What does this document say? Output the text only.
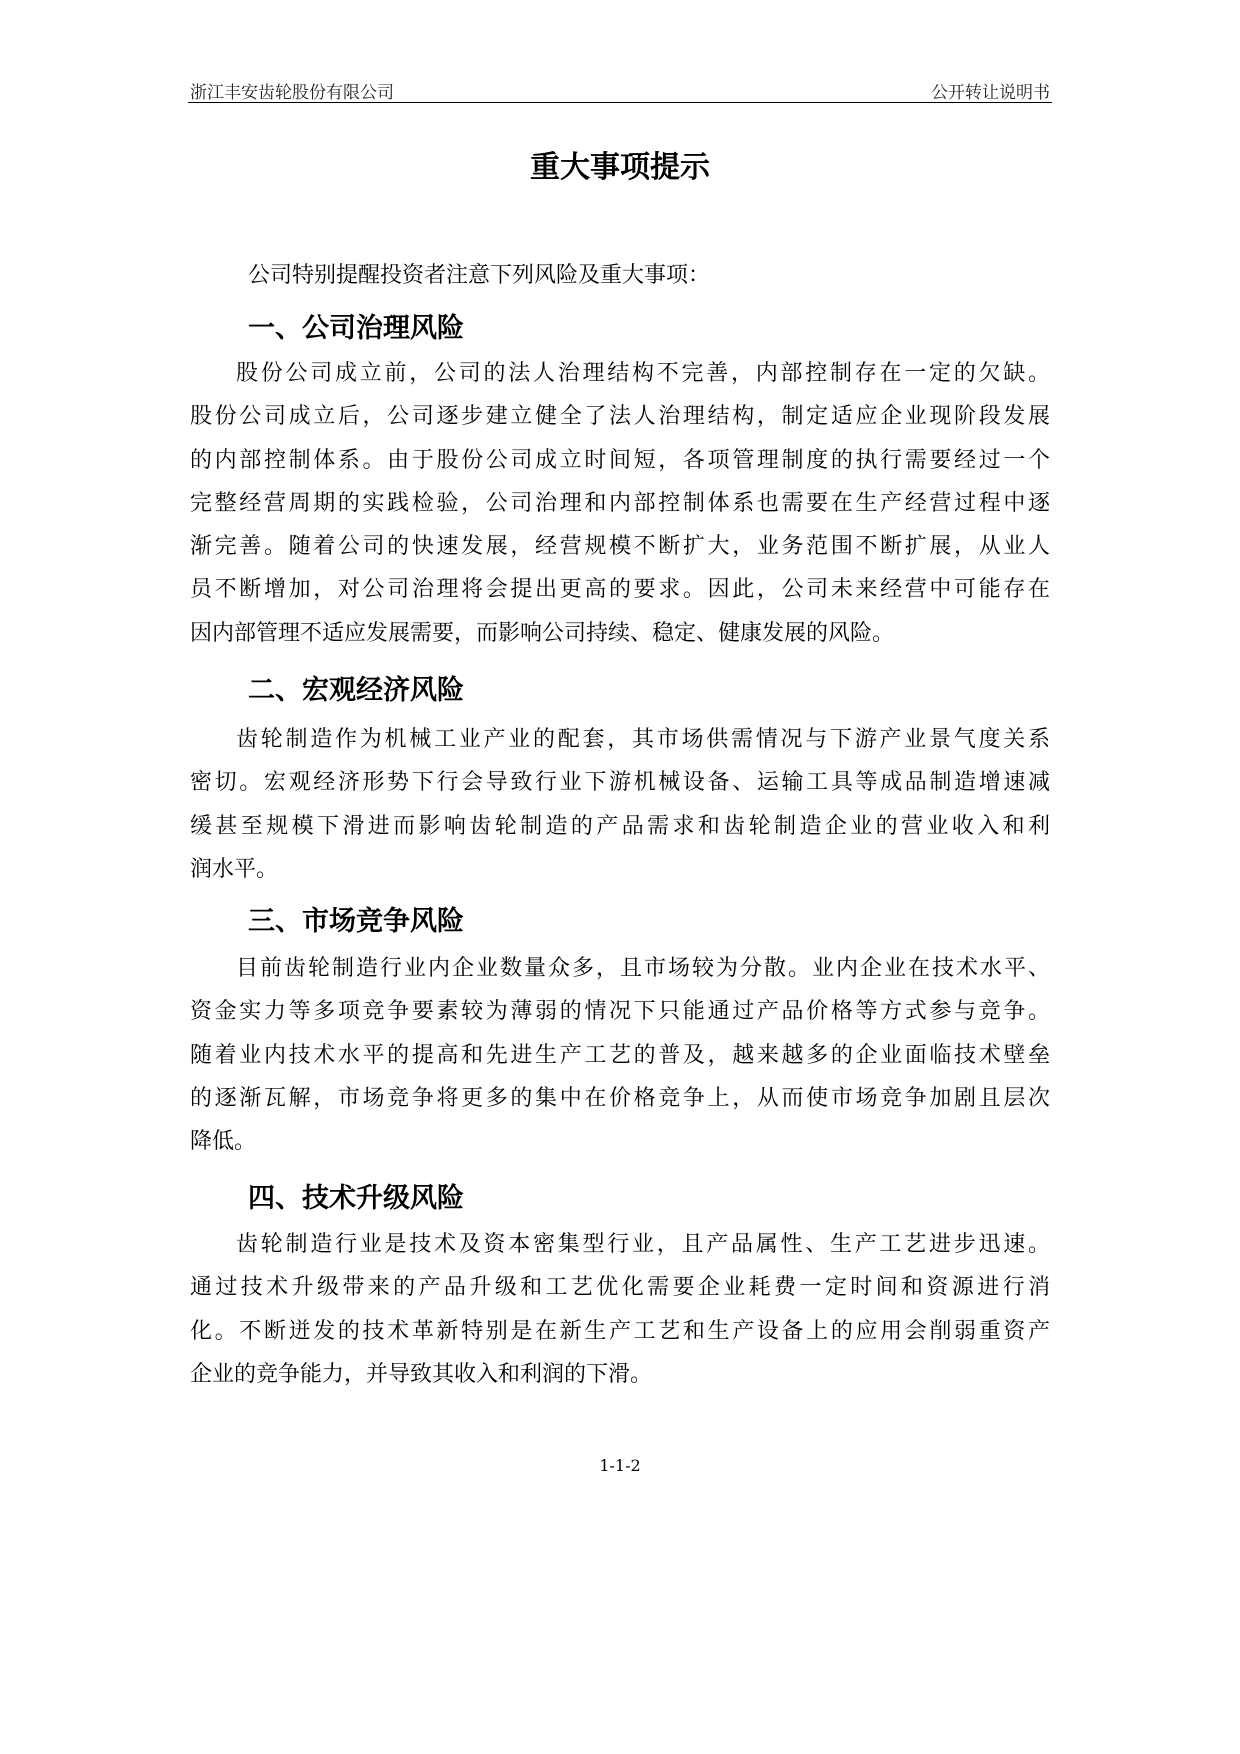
浙江丰安齿轮股份有限公司	公开转让说明书
重大事项提示
公司特别提醒投资者注意下列风险及重大事项：
一、公司治理风险
股份公司成立前，公司的法人治理结构不完善，内部控制存在一定的欠缺。
股份公司成立后，公司逐步建立健全了法人治理结构，制定适应企业现阶段发展
的内部控制体系。由于股份公司成立时间短，各项管理制度的执行需要经过一个
完整经营周期的实践检验，公司治理和内部控制体系也需要在生产经营过程中逐
渐完善。随着公司的快速发展，经营规模不断扩大，业务范围不断扩展，从业人
员不断增加，对公司治理将会提出更高的要求。因此，公司未来经营中可能存在
因内部管理不适应发展需要，而影响公司持续、稳定、健康发展的风险。
二、宏观经济风险
齿轮制造作为机械工业产业的配套，其市场供需情况与下游产业景气度关系
密切。宏观经济形势下行会导致行业下游机械设备、运输工具等成品制造增速减
缓甚至规模下滑进而影响齿轮制造的产品需求和齿轮制造企业的营业收入和利
润水平。
三、市场竞争风险
目前齿轮制造行业内企业数量众多，且市场较为分散。业内企业在技术水平、
资金实力等多项竞争要素较为薄弱的情况下只能通过产品价格等方式参与竞争。
随着业内技术水平的提高和先进生产工艺的普及，越来越多的企业面临技术壁垒
的逐渐瓦解，市场竞争将更多的集中在价格竞争上，从而使市场竞争加剧且层次
降低。
四、技术升级风险
齿轮制造行业是技术及资本密集型行业，且产品属性、生产工艺进步迅速。
通过技术升级带来的产品升级和工艺优化需要企业耗费一定时间和资源进行消
化。不断迸发的技术革新特别是在新生产工艺和生产设备上的应用会削弱重资产
企业的竞争能力，并导致其收入和利润的下滑。
1-1-2
